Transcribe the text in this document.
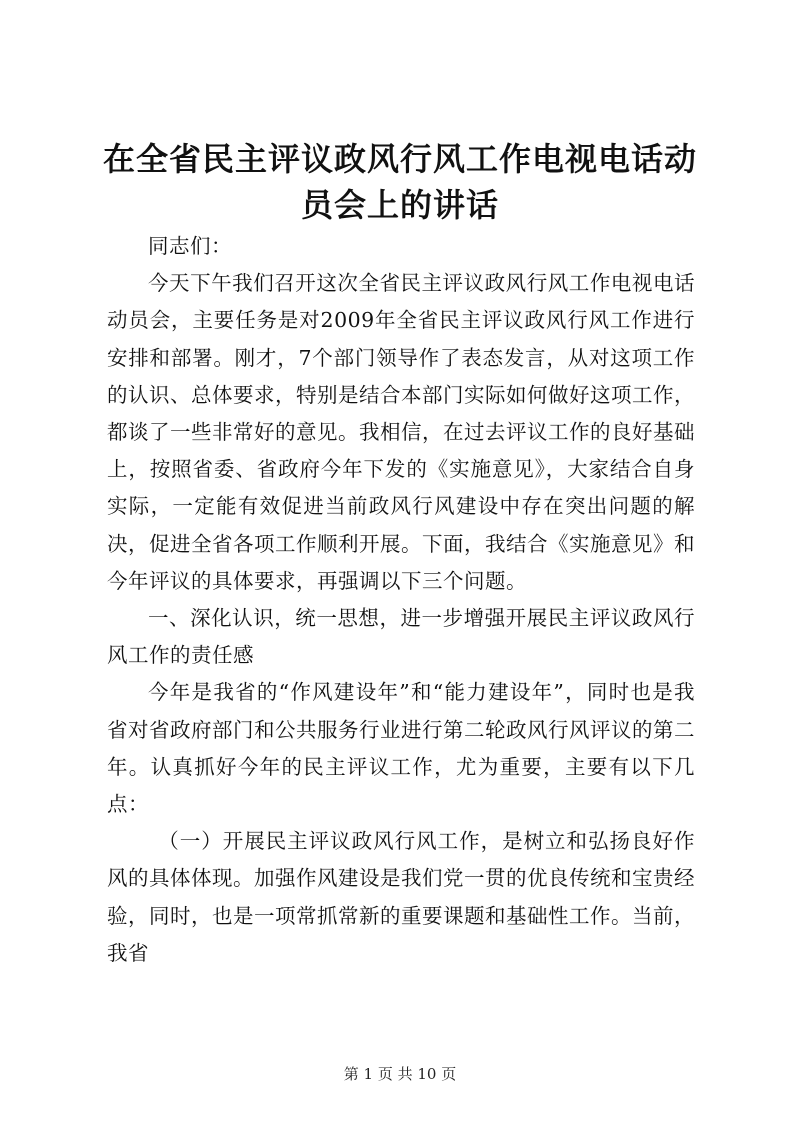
在全省民主评议政风行风工作电视电话动员会上的讲话

同志们：

今天下午我们召开这次全省民主评议政风行风工作电视电话动员会，主要任务是对2009年全省民主评议政风行风工作进行安排和部署。刚才，7个部门领导作了表态发言，从对这项工作的认识、总体要求，特别是结合本部门实际如何做好这项工作，都谈了一些非常好的意见。我相信，在过去评议工作的良好基础上，按照省委、省政府今年下发的《实施意见》，大家结合自身实际，一定能有效促进当前政风行风建设中存在突出问题的解决，促进全省各项工作顺利开展。下面，我结合《实施意见》和今年评议的具体要求，再强调以下三个问题。

一、深化认识，统一思想，进一步增强开展民主评议政风行风工作的责任感

今年是我省的“作风建设年”和“能力建设年”，同时也是我省对省政府部门和公共服务行业进行第二轮政风行风评议的第二年。认真抓好今年的民主评议工作，尤为重要，主要有以下几点：

（一）开展民主评议政风行风工作，是树立和弘扬良好作风的具体体现。加强作风建设是我们党一贯的优良传统和宝贵经验，同时，也是一项常抓常新的重要课题和基础性工作。当前，我省

第 1 页 共 10 页
